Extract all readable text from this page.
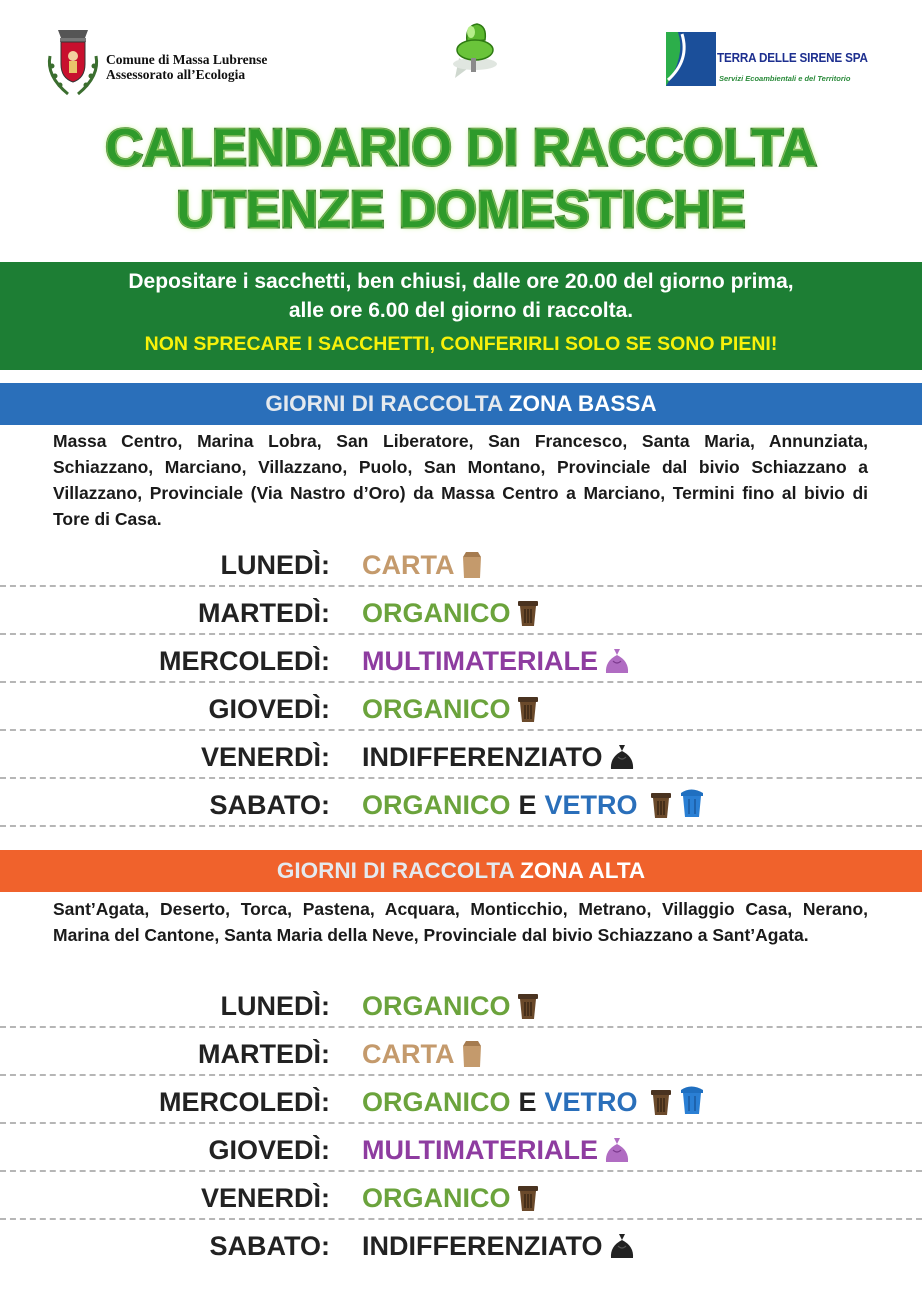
Comune di Massa Lubrense
Assessorato all’Ecologia
TERRA DELLE SIRENE SPA
Servizi Ecoambientali e del Territorio
CALENDARIO DI RACCOLTA
UTENZE DOMESTICHE
Depositare i sacchetti, ben chiusi, dalle ore 20.00 del giorno prima,
alle ore 6.00 del giorno di raccolta.
NON SPRECARE I SACCHETTI, CONFERIRLI SOLO SE SONO PIENI!
GIORNI DI RACCOLTA ZONA BASSA
Massa Centro, Marina Lobra, San Liberatore, San Francesco, Santa Maria, Annunziata, Schiazzano, Marciano, Villazzano, Puolo, San Montano, Provinciale dal bivio Schiazzano a Villazzano, Provinciale (Via Nastro d’Oro) da Massa Centro a Marciano, Termini fino al bivio di Tore di Casa.
LUNEDÌ: CARTA
MARTEDÌ: ORGANICO
MERCOLEDÌ: MULTIMATERIALE
GIOVEDÌ: ORGANICO
VENERDÌ: INDIFFERENZIATO
SABATO: ORGANICO E VETRO
GIORNI DI RACCOLTA ZONA ALTA
Sant’Agata, Deserto, Torca, Pastena, Acquara, Monticchio, Metrano, Villaggio Casa, Nerano, Marina del Cantone, Santa Maria della Neve, Provinciale dal bivio Schiazzano a Sant’Agata.
LUNEDÌ: ORGANICO
MARTEDÌ: CARTA
MERCOLEDÌ: ORGANICO E VETRO
GIOVEDÌ: MULTIMATERIALE
VENERDÌ: ORGANICO
SABATO: INDIFFERENZIATO
